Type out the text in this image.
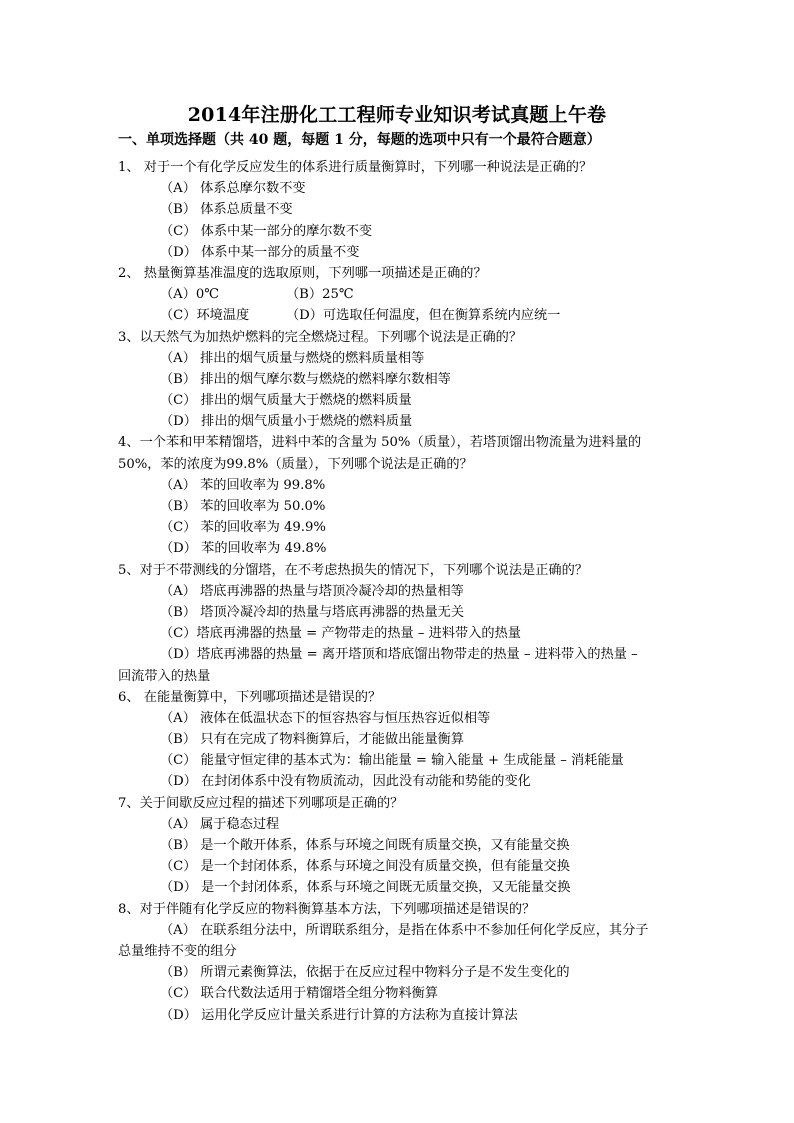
2014年注册化工工程师专业知识考试真题上午卷
一、单项选择题（共 40 题，每题 1 分，每题的选项中只有一个最符合题意）
1、 对于一个有化学反应发生的体系进行质量衡算时，下列哪一种说法是正确的？
（A） 体系总摩尔数不变
（B） 体系总质量不变
（C） 体系中某一部分的摩尔数不变
（D） 体系中某一部分的质量不变
2、 热量衡算基准温度的选取原则，下列哪一项描述是正确的？
（A）0℃	（B）25℃
（C）环境温度	（D）可选取任何温度，但在衡算系统内应统一
3、以天然气为加热炉燃料的完全燃烧过程。下列哪个说法是正确的？
（A） 排出的烟气质量与燃烧的燃料质量相等
（B） 排出的烟气摩尔数与燃烧的燃料摩尔数相等
（C） 排出的烟气质量大于燃烧的燃料质量
（D） 排出的烟气质量小于燃烧的燃料质量
4、一个苯和甲苯精馏塔，进料中苯的含量为 50%（质量），若塔顶馏出物流量为进料量的
50%，苯的浓度为99.8%（质量），下列哪个说法是正确的？
（A） 苯的回收率为 99.8%
（B） 苯的回收率为 50.0%
（C） 苯的回收率为 49.9%
（D） 苯的回收率为 49.8%
5、对于不带测线的分馏塔，在不考虑热损失的情况下，下列哪个说法是正确的？
（A） 塔底再沸器的热量与塔顶冷凝冷却的热量相等
（B） 塔顶冷凝冷却的热量与塔底再沸器的热量无关
（C）塔底再沸器的热量 = 产物带走的热量 – 进料带入的热量
（D）塔底再沸器的热量 = 离开塔顶和塔底馏出物带走的热量 – 进料带入的热量 –
回流带入的热量
6、 在能量衡算中，下列哪项描述是错误的？
（A） 液体在低温状态下的恒容热容与恒压热容近似相等
（B） 只有在完成了物料衡算后，才能做出能量衡算
（C） 能量守恒定律的基本式为：输出能量 = 输入能量 + 生成能量 – 消耗能量
（D） 在封闭体系中没有物质流动，因此没有动能和势能的变化
7、关于间歇反应过程的描述下列哪项是正确的？
（A） 属于稳态过程
（B） 是一个敞开体系，体系与环境之间既有质量交换，又有能量交换
（C） 是一个封闭体系，体系与环境之间没有质量交换，但有能量交换
（D） 是一个封闭体系，体系与环境之间既无质量交换，又无能量交换
8、对于伴随有化学反应的物料衡算基本方法，下列哪项描述是错误的？
（A） 在联系组分法中，所谓联系组分，是指在体系中不参加任何化学反应，其分子
总量维持不变的组分
（B） 所谓元素衡算法，依据于在反应过程中物料分子是不发生变化的
（C） 联合代数法适用于精馏塔全组分物料衡算
（D） 运用化学反应计量关系进行计算的方法称为直接计算法
